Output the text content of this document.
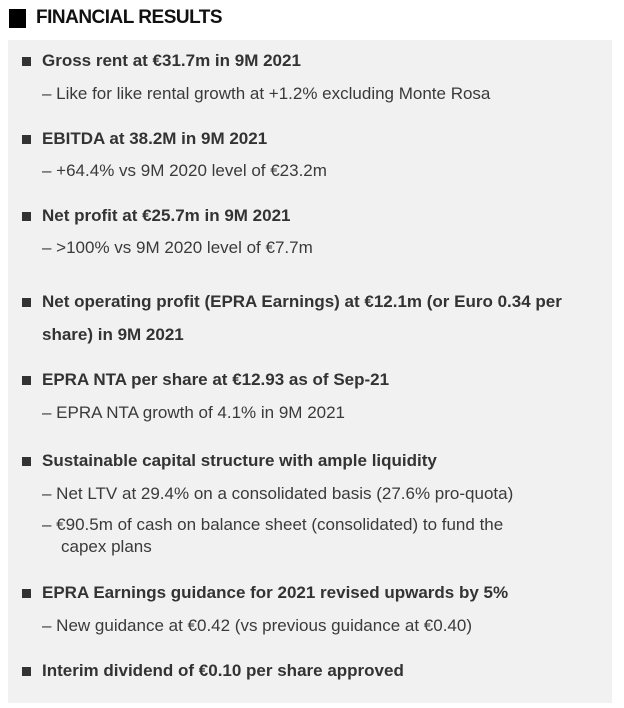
FINANCIAL RESULTS
Gross rent at €31.7m in 9M 2021
– Like for like rental growth at +1.2% excluding Monte Rosa
EBITDA at 38.2M in 9M 2021
– +64.4% vs 9M 2020 level of €23.2m
Net profit at €25.7m in 9M 2021
– >100% vs 9M 2020 level of €7.7m
Net operating profit (EPRA Earnings) at €12.1m (or Euro 0.34 per
share) in 9M 2021
EPRA NTA per share at €12.93 as of Sep-21
– EPRA NTA growth of 4.1% in 9M 2021
Sustainable capital structure with ample liquidity
– Net LTV at 29.4% on a consolidated basis (27.6% pro-quota)
– €90.5m of cash on balance sheet (consolidated) to fund the
capex plans
EPRA Earnings guidance for 2021 revised upwards by 5%
– New guidance at €0.42 (vs previous guidance at €0.40)
Interim dividend of €0.10 per share approved
